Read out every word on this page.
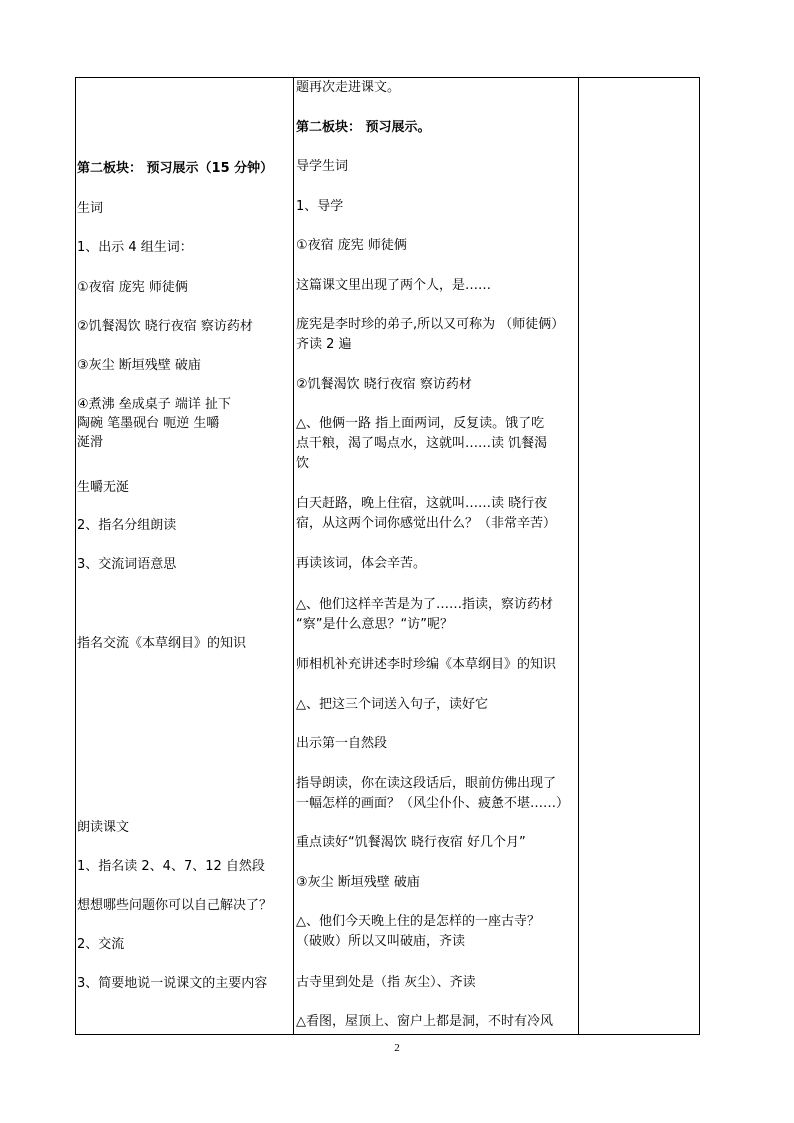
第二板块： 预习展示（15 分钟）
生词
1、出示 4 组生词：
①夜宿 庞宪 师徒俩
②饥餐渴饮 晓行夜宿 察访药材
③灰尘 断垣残壁 破庙
④煮沸 垒成桌子 端详 扯下
陶碗 笔墨砚台 呃逆 生嚼
涎滑
生嚼无涎
2、指名分组朗读
3、交流词语意思
指名交流《本草纲目》的知识
朗读课文
1、指名读 2、4、7、12 自然段
想想哪些问题你可以自己解决了？
2、交流
3、简要地说一说课文的主要内容
题再次走进课文。
第二板块： 预习展示。
导学生词
1、导学
①夜宿 庞宪 师徒俩
这篇课文里出现了两个人，是……
庞宪是李时珍的弟子,所以又可称为 （师徒俩）
齐读 2 遍
②饥餐渴饮 晓行夜宿 察访药材
△、他俩一路 指上面两词，反复读。饿了吃
点干粮，渴了喝点水，这就叫……读 饥餐渴
饮
白天赶路，晚上住宿，这就叫……读 晓行夜
宿，从这两个词你感觉出什么？（非常辛苦）
再读该词，体会辛苦。
△、他们这样辛苦是为了……指读，察访药材
“察”是什么意思？“访”呢？
师相机补充讲述李时珍编《本草纲目》的知识
△、把这三个词送入句子，读好它
出示第一自然段
指导朗读，你在读这段话后，眼前仿佛出现了
一幅怎样的画面？（风尘仆仆、疲惫不堪……）
重点读好“饥餐渴饮 晓行夜宿 好几个月”
③灰尘 断垣残壁 破庙
△、他们今天晚上住的是怎样的一座古寺？
（破败）所以又叫破庙，齐读
古寺里到处是（指 灰尘）、齐读
△看图，屋顶上、窗户上都是洞，不时有冷风
2
